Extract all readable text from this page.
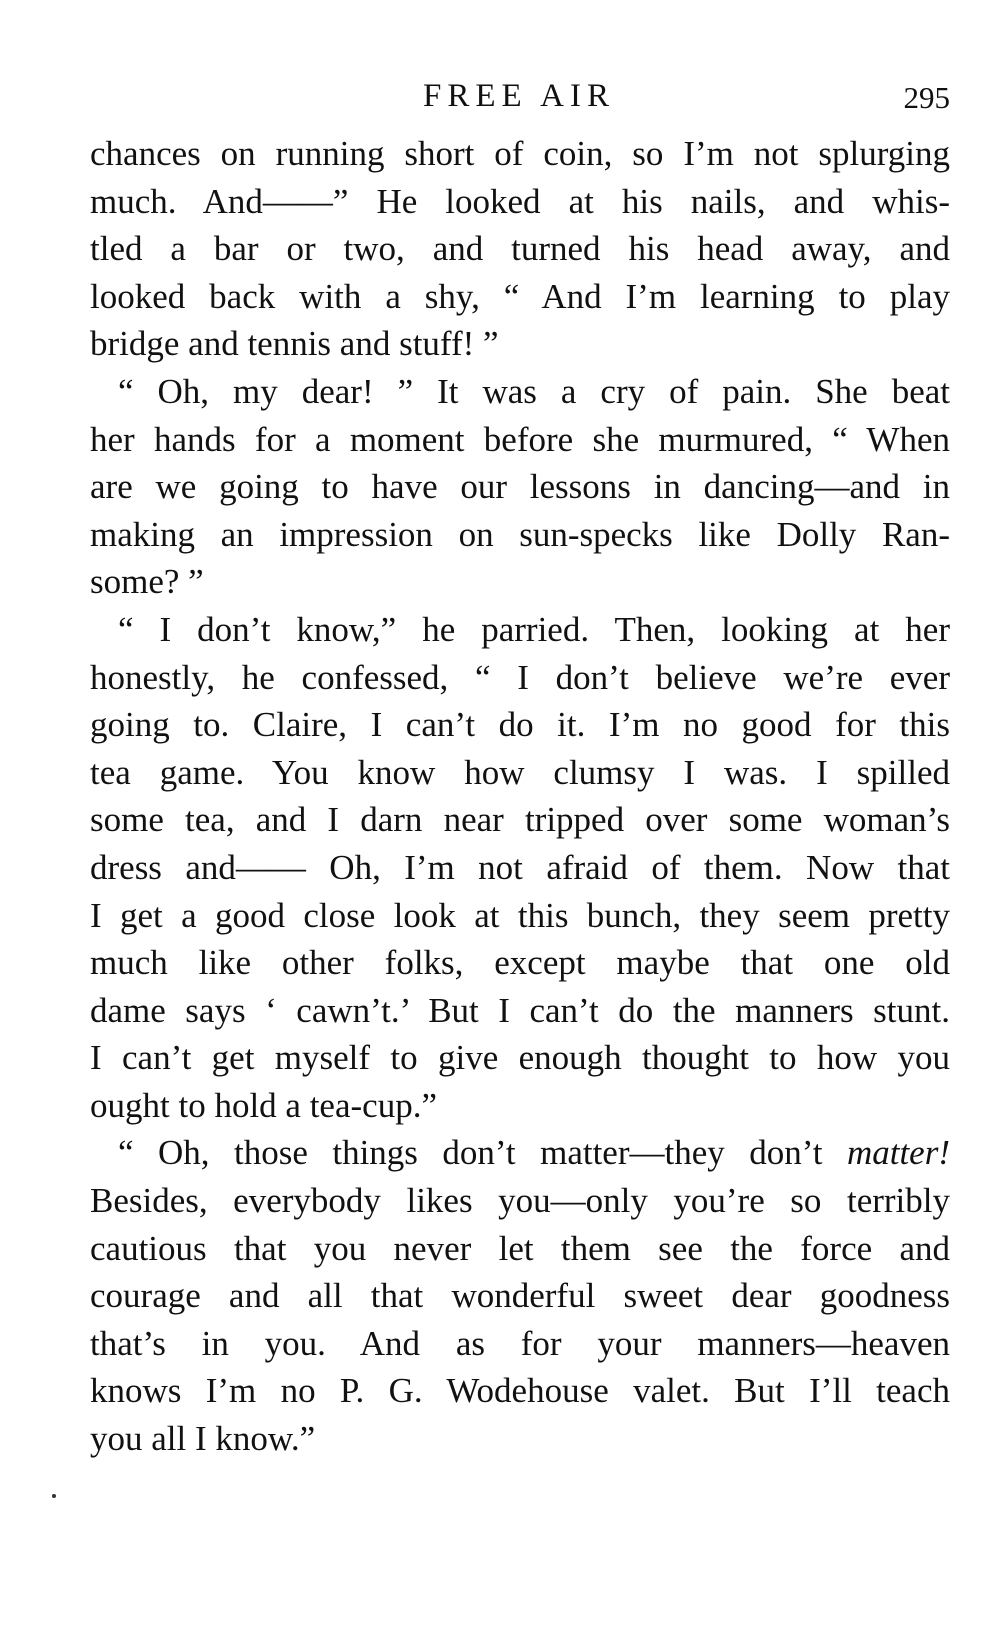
FREE AIR	295
chances on running short of coin, so I’m not splurging
much. And——” He looked at his nails, and whis-
tled a bar or two, and turned his head away, and
looked back with a shy, “ And I’m learning to play
bridge and tennis and stuff! ”
“ Oh, my dear! ” It was a cry of pain. She beat
her hands for a moment before she murmured, “ When
are we going to have our lessons in dancing—and in
making an impression on sun-specks like Dolly Ran-
some? ”
“ I don’t know,” he parried. Then, looking at her
honestly, he confessed, “ I don’t believe we’re ever
going to. Claire, I can’t do it. I’m no good for this
tea game. You know how clumsy I was. I spilled
some tea, and I darn near tripped over some woman’s
dress and—— Oh, I’m not afraid of them. Now that
I get a good close look at this bunch, they seem pretty
much like other folks, except maybe that one old
dame says ‘ cawn’t.’ But I can’t do the manners stunt.
I can’t get myself to give enough thought to how you
ought to hold a tea-cup.”
“ Oh, those things don’t matter—they don’t matter!
Besides, everybody likes you—only you’re so terribly
cautious that you never let them see the force and
courage and all that wonderful sweet dear goodness
that’s in you. And as for your manners—heaven
knows I’m no P. G. Wodehouse valet. But I’ll teach
you all I know.”
